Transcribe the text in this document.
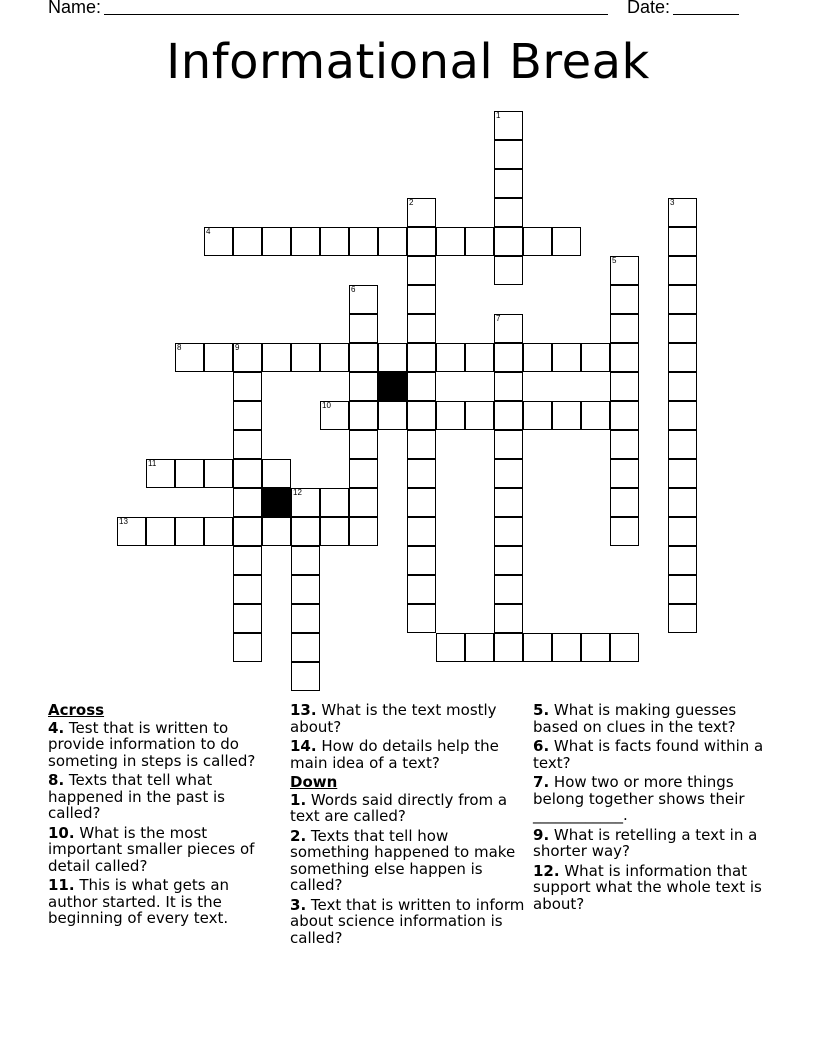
Name:	Date:
Informational Break
1
2	3
4
5
6
7
8	9
10
11
12
13
Across
4. Test that is written to provide information to do someting in steps is called?
8. Texts that tell what happened in the past is called?
10. What is the most important smaller pieces of detail called?
11. This is what gets an author started. It is the beginning of every text.
13. What is the text mostly about?
14. How do details help the main idea of a text?
Down
1. Words said directly from a text are called?
2. Texts that tell how something happened to make something else happen is called?
3. Text that is written to inform about science information is called?
5. What is making guesses based on clues in the text?
6. What is facts found within a text?
7. How two or more things belong together shows their ____________.
9. What is retelling a text in a shorter way?
12. What is information that support what the whole text is about?
